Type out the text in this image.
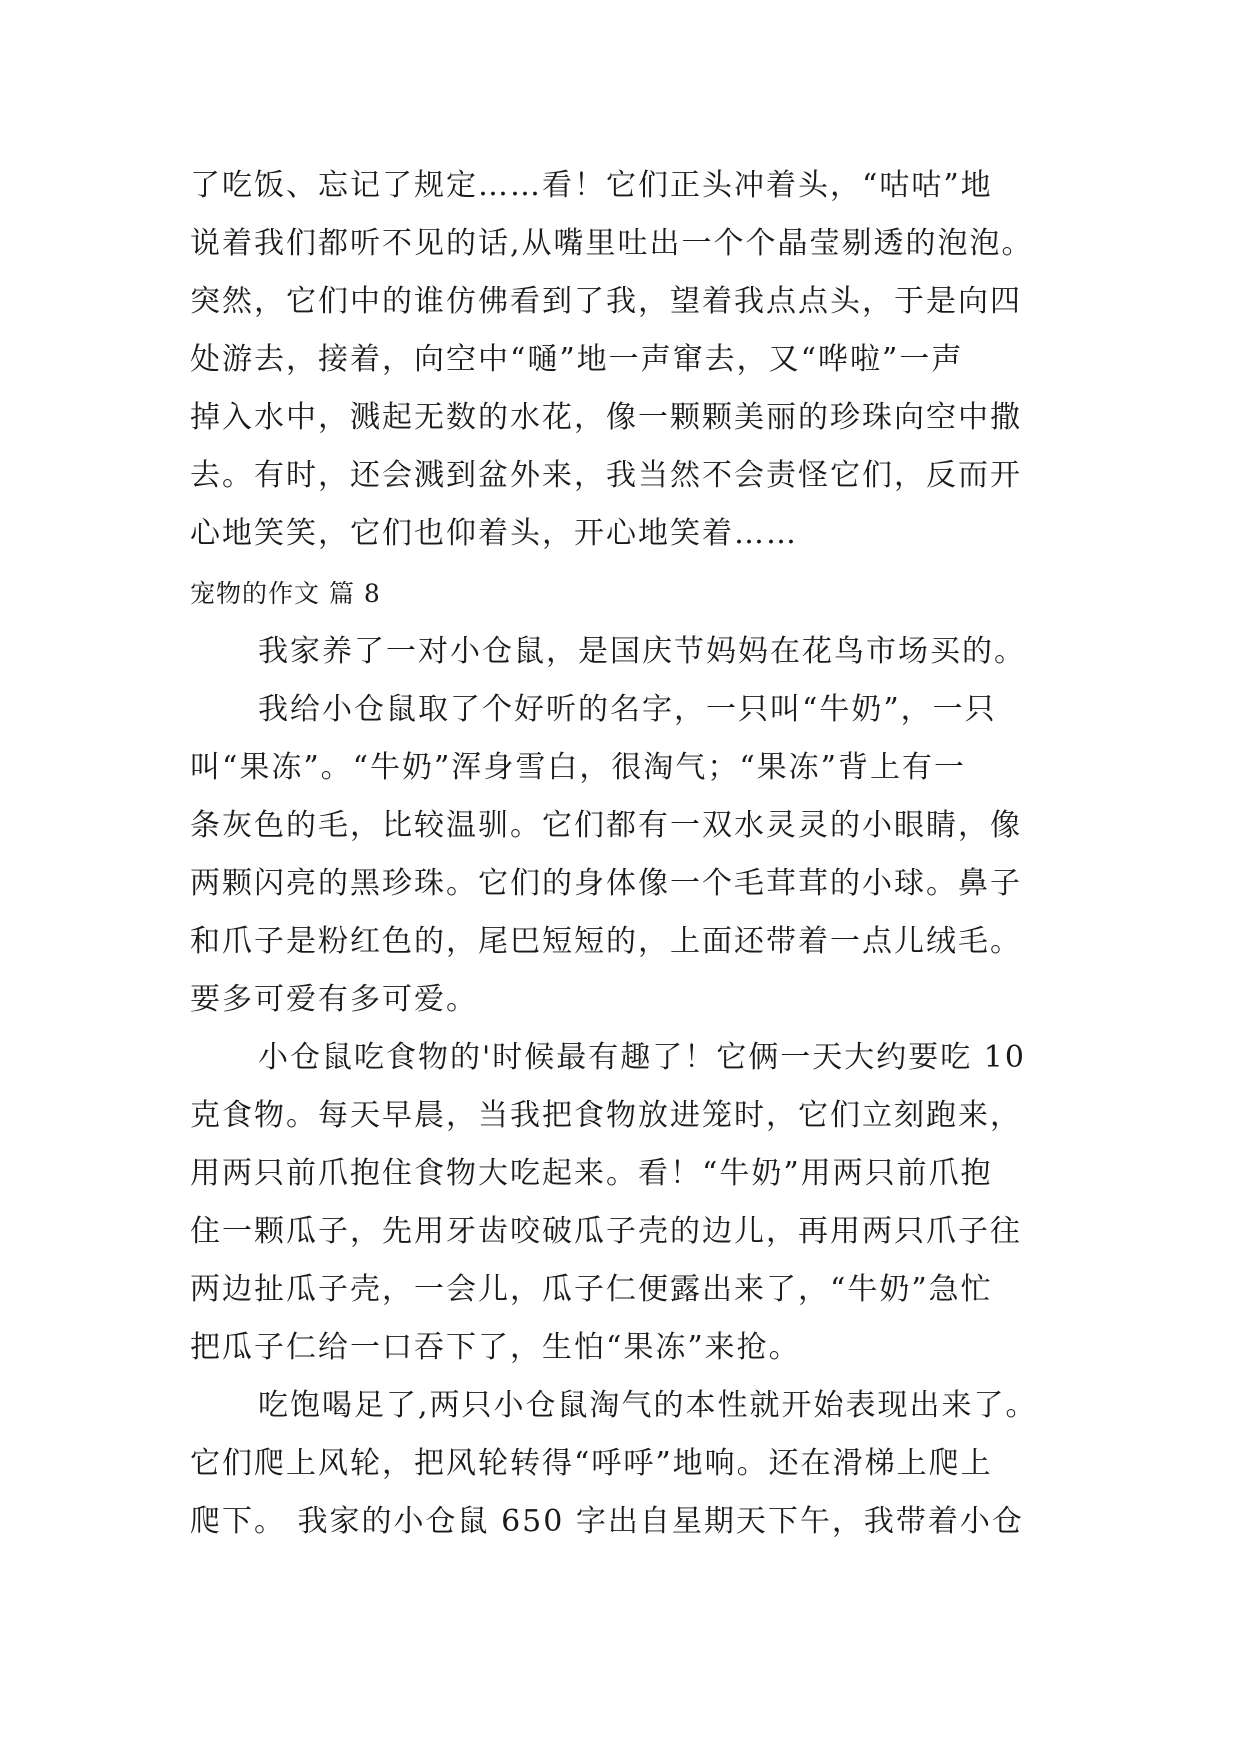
了吃饭、忘记了规定……看！它们正头冲着头，“咕咕”地
说着我们都听不见的话,从嘴里吐出一个个晶莹剔透的泡泡。
突然，它们中的谁仿佛看到了我，望着我点点头，于是向四
处游去，接着，向空中“嗵”地一声窜去，又“哗啦”一声
掉入水中，溅起无数的水花，像一颗颗美丽的珍珠向空中撒
去。有时，还会溅到盆外来，我当然不会责怪它们，反而开
心地笑笑，它们也仰着头，开心地笑着……
宠物的作文 篇 8
我家养了一对小仓鼠，是国庆节妈妈在花鸟市场买的。
我给小仓鼠取了个好听的名字，一只叫“牛奶”，一只
叫“果冻”。“牛奶”浑身雪白，很淘气；“果冻”背上有一
条灰色的毛，比较温驯。它们都有一双水灵灵的小眼睛，像
两颗闪亮的黑珍珠。它们的身体像一个毛茸茸的小球。鼻子
和爪子是粉红色的，尾巴短短的，上面还带着一点儿绒毛。
要多可爱有多可爱。
小仓鼠吃食物的'时候最有趣了！它俩一天大约要吃 10
克食物。每天早晨，当我把食物放进笼时，它们立刻跑来，
用两只前爪抱住食物大吃起来。看！“牛奶”用两只前爪抱
住一颗瓜子，先用牙齿咬破瓜子壳的边儿，再用两只爪子往
两边扯瓜子壳，一会儿，瓜子仁便露出来了，“牛奶”急忙
把瓜子仁给一口吞下了，生怕“果冻”来抢。
吃饱喝足了,两只小仓鼠淘气的本性就开始表现出来了。
它们爬上风轮，把风轮转得“呼呼”地响。还在滑梯上爬上
爬下。 我家的小仓鼠 650 字出自星期天下午，我带着小仓
